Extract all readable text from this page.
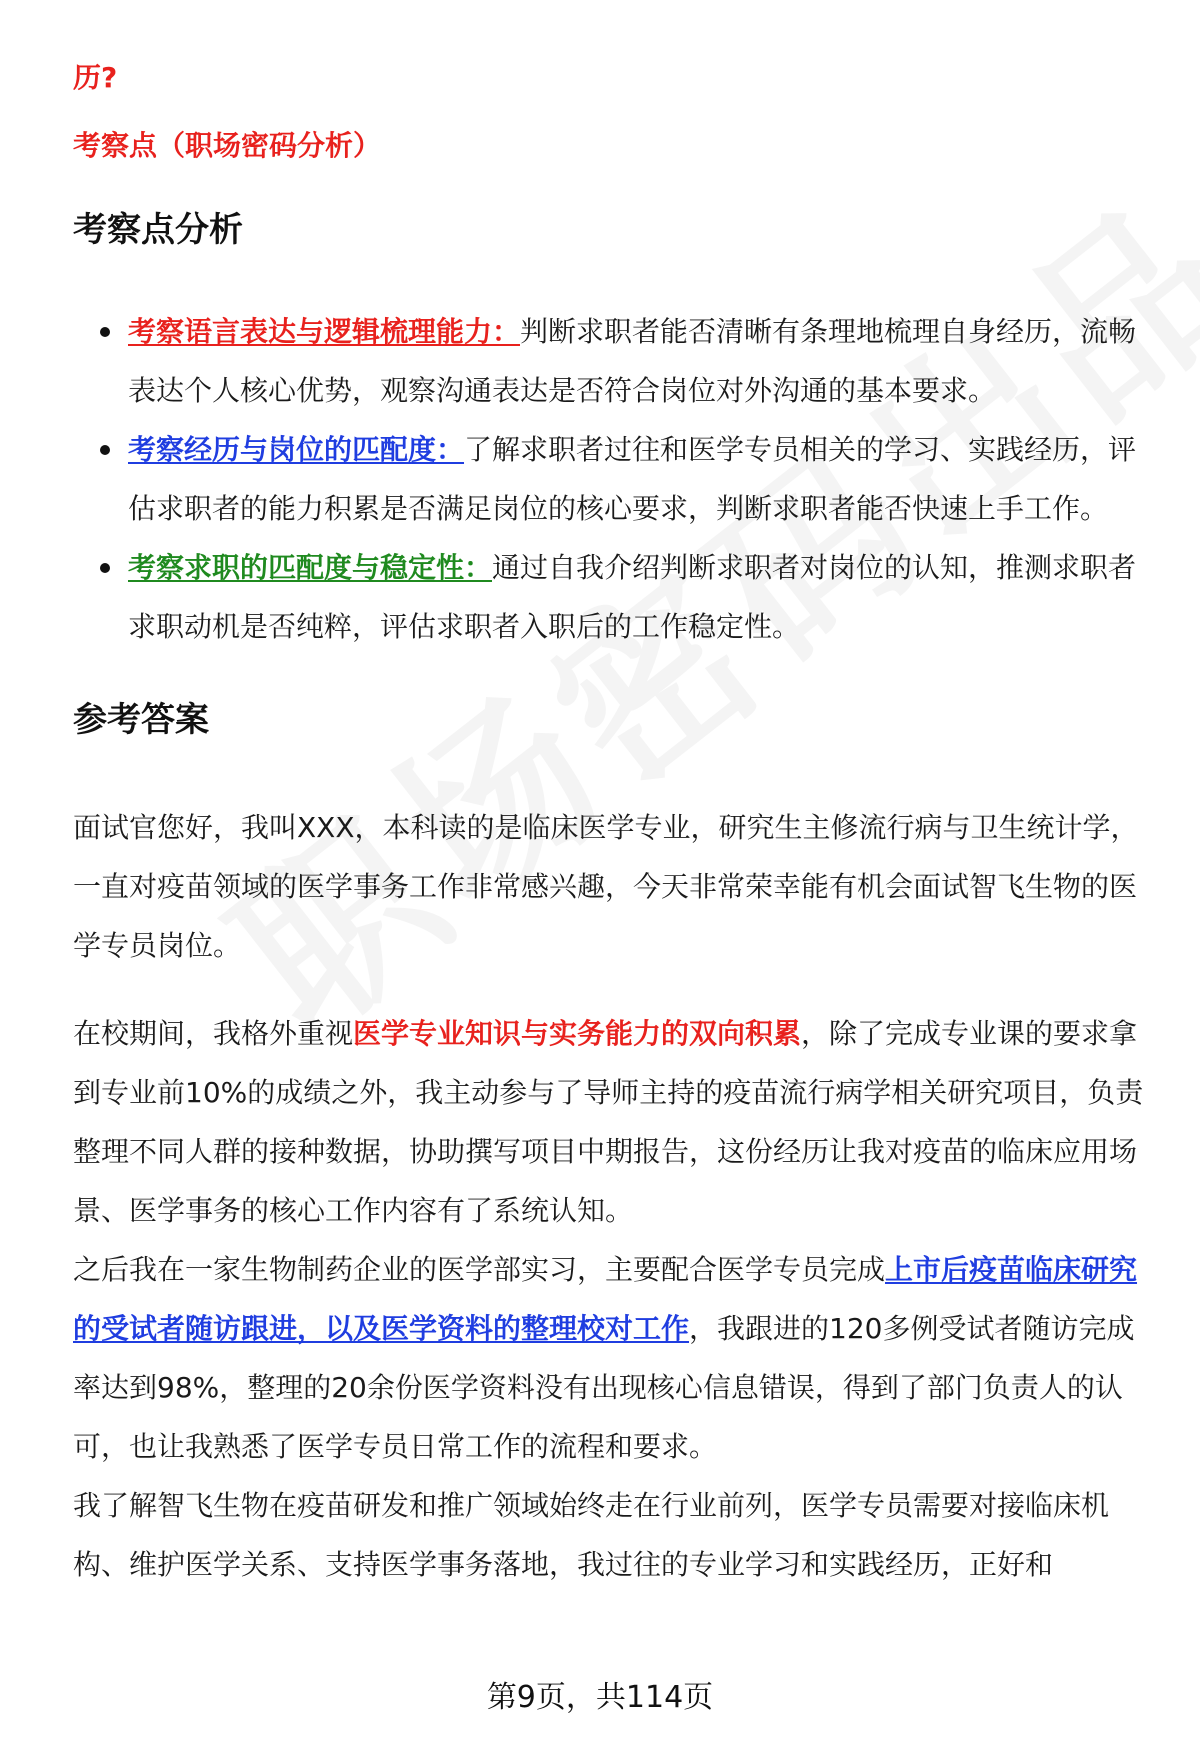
历?

考察点（职场密码分析）

考察点分析
考察语言表达与逻辑梳理能力：判断求职者能否清晰有条理地梳理自身经历，流畅表达个人核心优势，观察沟通表达是否符合岗位对外沟通的基本要求。
考察经历与岗位的匹配度：了解求职者过往和医学专员相关的学习、实践经历，评估求职者的能力积累是否满足岗位的核心要求，判断求职者能否快速上手工作。
考察求职的匹配度与稳定性：通过自我介绍判断求职者对岗位的认知，推测求职者求职动机是否纯粹，评估求职者入职后的工作稳定性。
参考答案

面试官您好，我叫XXX，本科读的是临床医学专业，研究生主修流行病与卫生统计学，一直对疫苗领域的医学事务工作非常感兴趣，今天非常荣幸能有机会面试智飞生物的医学专员岗位。

在校期间，我格外重视医学专业知识与实务能力的双向积累，除了完成专业课的要求拿到专业前10%的成绩之外，我主动参与了导师主持的疫苗流行病学相关研究项目，负责整理不同人群的接种数据，协助撰写项目中期报告，这份经历让我对疫苗的临床应用场景、医学事务的核心工作内容有了系统认知。

之后我在一家生物制药企业的医学部实习，主要配合医学专员完成上市后疫苗临床研究的受试者随访跟进，以及医学资料的整理校对工作，我跟进的120多例受试者随访完成率达到98%，整理的20余份医学资料没有出现核心信息错误，得到了部门负责人的认可，也让我熟悉了医学专员日常工作的流程和要求。

我了解智飞生物在疫苗研发和推广领域始终走在行业前列，医学专员需要对接临床机构、维护医学关系、支持医学事务落地，我过往的专业学习和实践经历，正好和

第9页，共114页
